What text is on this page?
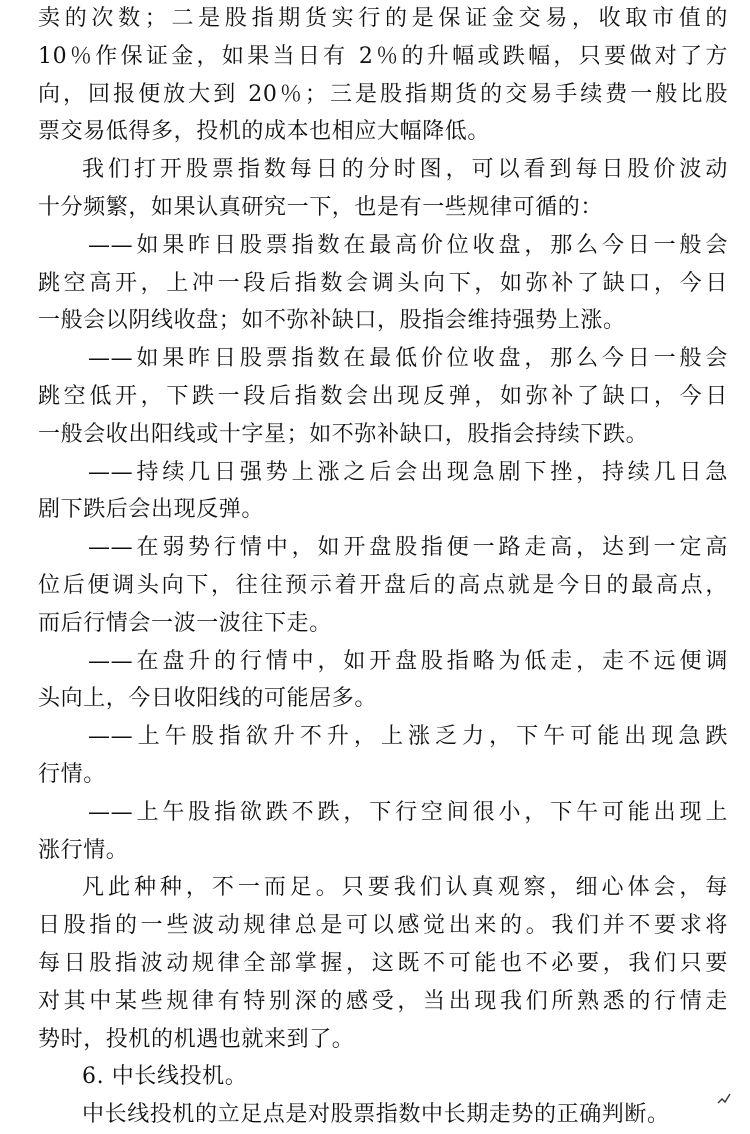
卖的次数；二是股指期货实行的是保证金交易，收取市值的
10％作保证金，如果当日有 2％的升幅或跌幅，只要做对了方
向，回报便放大到 20％；三是股指期货的交易手续费一般比股
票交易低得多，投机的成本也相应大幅降低。
我们打开股票指数每日的分时图，可以看到每日股价波动
十分频繁，如果认真研究一下，也是有一些规律可循的：
——如果昨日股票指数在最高价位收盘，那么今日一般会
跳空高开，上冲一段后指数会调头向下，如弥补了缺口，今日
一般会以阴线收盘；如不弥补缺口，股指会维持强势上涨。
——如果昨日股票指数在最低价位收盘，那么今日一般会
跳空低开，下跌一段后指数会出现反弹，如弥补了缺口，今日
一般会收出阳线或十字星；如不弥补缺口，股指会持续下跌。
——持续几日强势上涨之后会出现急剧下挫，持续几日急
剧下跌后会出现反弹。
——在弱势行情中，如开盘股指便一路走高，达到一定高
位后便调头向下，往往预示着开盘后的高点就是今日的最高点，
而后行情会一波一波往下走。
——在盘升的行情中，如开盘股指略为低走，走不远便调
头向上，今日收阳线的可能居多。
——上午股指欲升不升，上涨乏力，下午可能出现急跌
行情。
——上午股指欲跌不跌，下行空间很小，下午可能出现上
涨行情。
凡此种种，不一而足。只要我们认真观察，细心体会，每
日股指的一些波动规律总是可以感觉出来的。我们并不要求将
每日股指波动规律全部掌握，这既不可能也不必要，我们只要
对其中某些规律有特别深的感受，当出现我们所熟悉的行情走
势时，投机的机遇也就来到了。
6. 中长线投机。
中长线投机的立足点是对股票指数中长期走势的正确判断。
